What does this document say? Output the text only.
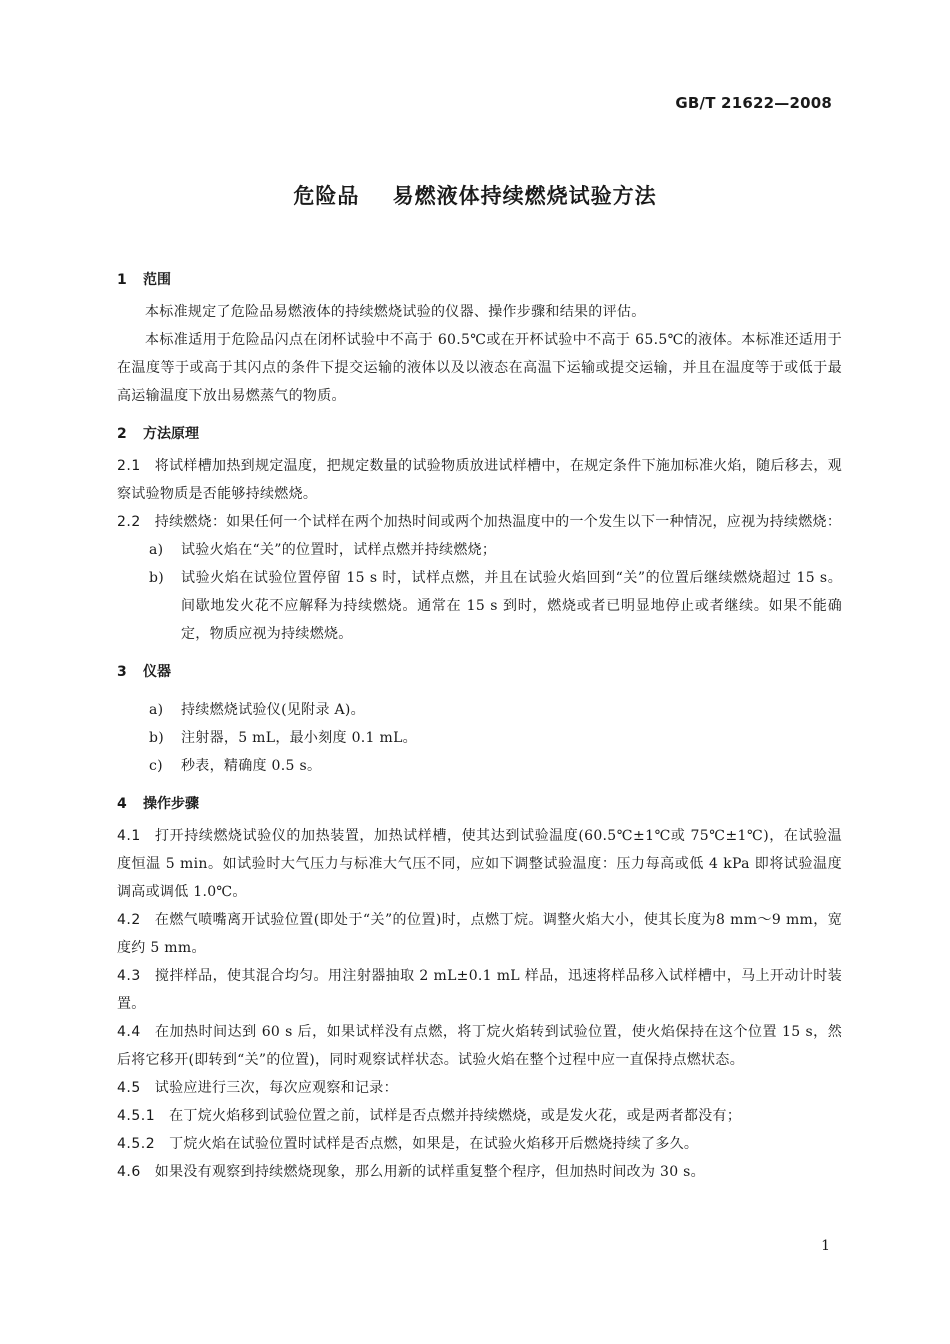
GB/T 21622—2008
危险品    易燃液体持续燃烧试验方法
1 范围

本标准规定了危险品易燃液体的持续燃烧试验的仪器、操作步骤和结果的评估。

本标准适用于危险品闪点在闭杯试验中不高于 60.5℃或在开杯试验中不高于 65.5℃的液体。本标准还适用于在温度等于或高于其闪点的条件下提交运输的液体以及以液态在高温下运输或提交运输，并且在温度等于或低于最高运输温度下放出易燃蒸气的物质。

2 方法原理

2.1 将试样槽加热到规定温度，把规定数量的试验物质放进试样槽中，在规定条件下施加标准火焰，随后移去，观察试验物质是否能够持续燃烧。

2.2 持续燃烧：如果任何一个试样在两个加热时间或两个加热温度中的一个发生以下一种情况，应视为持续燃烧：

a) 试验火焰在“关”的位置时，试样点燃并持续燃烧；
b) 试验火焰在试验位置停留 15 s 时，试样点燃，并且在试验火焰回到“关”的位置后继续燃烧超过 15 s。间歇地发火花不应解释为持续燃烧。通常在 15 s 到时，燃烧或者已明显地停止或者继续。如果不能确定，物质应视为持续燃烧。
3 仪器
a) 持续燃烧试验仪(见附录 A)。
b) 注射器，5 mL，最小刻度 0.1 mL。
c) 秒表，精确度 0.5 s。
4 操作步骤

4.1 打开持续燃烧试验仪的加热装置，加热试样槽，使其达到试验温度(60.5℃±1℃或 75℃±1℃)，在试验温度恒温 5 min。如试验时大气压力与标准大气压不同，应如下调整试验温度：压力每高或低 4 kPa 即将试验温度调高或调低 1.0℃。

4.2 在燃气喷嘴离开试验位置(即处于“关”的位置)时，点燃丁烷。调整火焰大小，使其长度为8 mm～9 mm，宽度约 5 mm。

4.3 搅拌样品，使其混合均匀。用注射器抽取 2 mL±0.1 mL 样品，迅速将样品移入试样槽中，马上开动计时装置。

4.4 在加热时间达到 60 s 后，如果试样没有点燃，将丁烷火焰转到试验位置，使火焰保持在这个位置 15 s，然后将它移开(即转到“关”的位置)，同时观察试样状态。试验火焰在整个过程中应一直保持点燃状态。

4.5 试验应进行三次，每次应观察和记录：

4.5.1 在丁烷火焰移到试验位置之前，试样是否点燃并持续燃烧，或是发火花，或是两者都没有；

4.5.2 丁烷火焰在试验位置时试样是否点燃，如果是，在试验火焰移开后燃烧持续了多久。

4.6 如果没有观察到持续燃烧现象，那么用新的试样重复整个程序，但加热时间改为 30 s。

1
